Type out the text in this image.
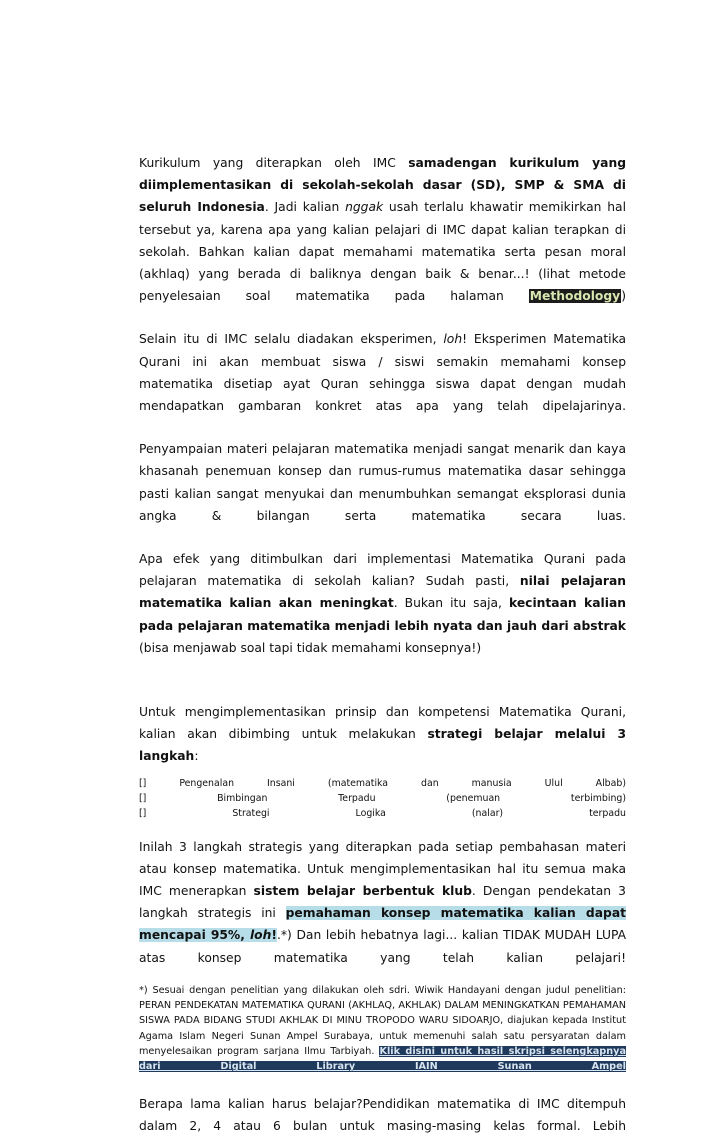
Kurikulum yang diterapkan oleh IMC samadengan kurikulum yang diimplementasikan di sekolah-sekolah dasar (SD), SMP & SMA di seluruh Indonesia. Jadi kalian nggak usah terlalu khawatir memikirkan hal tersebut ya, karena apa yang kalian pelajari di IMC dapat kalian terapkan di sekolah. Bahkan kalian dapat memahami matematika serta pesan moral (akhlaq) yang berada di baliknya dengan baik & benar...! (lihat metode penyelesaian soal matematika pada halaman Methodology)

Selain itu di IMC selalu diadakan eksperimen, loh! Eksperimen Matematika Qurani ini akan membuat siswa / siswi semakin memahami konsep matematika disetiap ayat Quran sehingga siswa dapat dengan mudah mendapatkan gambaran konkret atas apa yang telah dipelajarinya.

Penyampaian materi pelajaran matematika menjadi sangat menarik dan kaya khasanah penemuan konsep dan rumus-rumus matematika dasar sehingga pasti kalian sangat menyukai dan menumbuhkan semangat eksplorasi dunia angka & bilangan serta matematika secara luas.

Apa efek yang ditimbulkan dari implementasi Matematika Qurani pada pelajaran matematika di sekolah kalian? Sudah pasti, nilai pelajaran matematika kalian akan meningkat. Bukan itu saja, kecintaan kalian pada pelajaran matematika menjadi lebih nyata dan jauh dari abstrak (bisa menjawab soal tapi tidak memahami konsepnya!)

Untuk mengimplementasikan prinsip dan kompetensi Matematika Qurani, kalian akan dibimbing untuk melakukan strategi belajar melalui 3 langkah:

[]	Pengenalan	Insani	(matematika	dan	manusia	Ulul	Albab)
[]	Bimbingan	Terpadu	(penemuan	terbimbing)
[]	Strategi	Logika	(nalar)	terpadu

Inilah 3 langkah strategis yang diterapkan pada setiap pembahasan materi atau konsep matematika. Untuk mengimplementasikan hal itu semua maka IMC menerapkan sistem belajar berbentuk klub. Dengan pendekatan 3 langkah strategis ini pemahaman konsep matematika kalian dapat mencapai 95%, loh!.*) Dan lebih hebatnya lagi... kalian TIDAK MUDAH LUPA atas konsep matematika yang telah kalian pelajari!

*) Sesuai dengan penelitian yang dilakukan oleh sdri. Wiwik Handayani dengan judul penelitian: PERAN PENDEKATAN MATEMATIKA QURANI (AKHLAQ, AKHLAK) DALAM MENINGKATKAN PEMAHAMAN SISWA PADA BIDANG STUDI AKHLAK DI MINU TROPODO WARU SIDOARJO, diajukan kepada Institut Agama Islam Negeri Sunan Ampel Surabaya, untuk memenuhi salah satu persyaratan dalam menyelesaikan program sarjana Ilmu Tarbiyah. Klik disini untuk hasil skripsi selengkapnya dari Digital Library IAIN Sunan Ampel

Berapa lama kalian harus belajar?Pendidikan matematika di IMC ditempuh dalam 2, 4 atau 6 bulan untuk masing-masing kelas formal. Lebih
